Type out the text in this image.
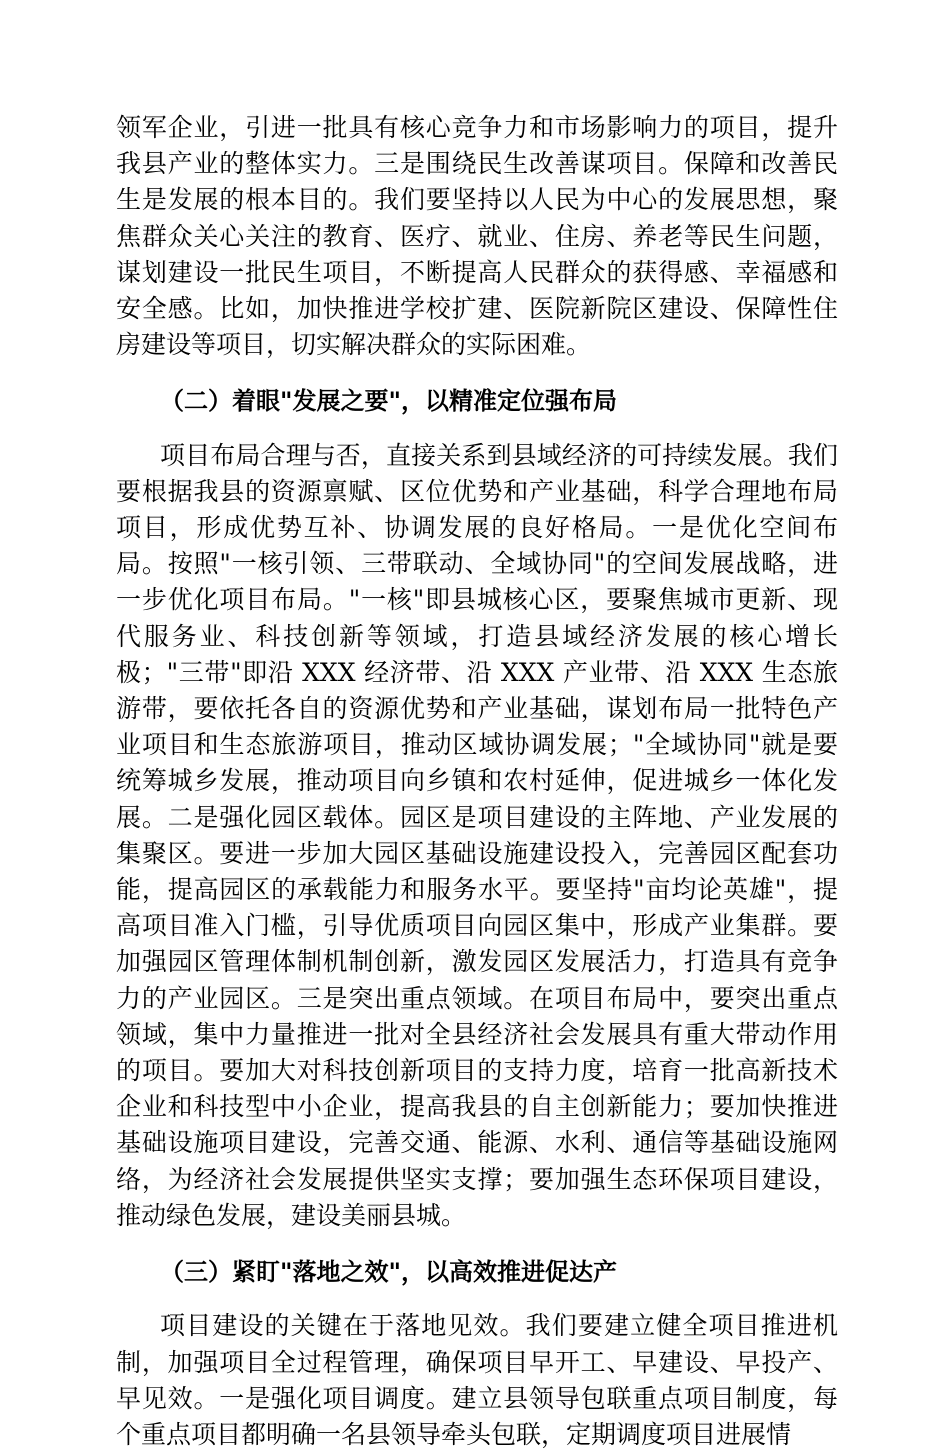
领军企业，引进一批具有核心竞争力和市场影响力的项目，提升我县产业的整体实力。三是围绕民生改善谋项目。保障和改善民生是发展的根本目的。我们要坚持以人民为中心的发展思想，聚焦群众关心关注的教育、医疗、就业、住房、养老等民生问题，谋划建设一批民生项目，不断提高人民群众的获得感、幸福感和安全感。比如，加快推进学校扩建、医院新院区建设、保障性住房建设等项目，切实解决群众的实际困难。

（二）着眼"发展之要"，以精准定位强布局

项目布局合理与否，直接关系到县域经济的可持续发展。我们要根据我县的资源禀赋、区位优势和产业基础，科学合理地布局项目，形成优势互补、协调发展的良好格局。一是优化空间布局。按照"一核引领、三带联动、全域协同"的空间发展战略，进一步优化项目布局。"一核"即县城核心区，要聚焦城市更新、现代服务业、科技创新等领域，打造县域经济发展的核心增长极；"三带"即沿 XXX 经济带、沿 XXX 产业带、沿 XXX 生态旅游带，要依托各自的资源优势和产业基础，谋划布局一批特色产业项目和生态旅游项目，推动区域协调发展；"全域协同"就是要统筹城乡发展，推动项目向乡镇和农村延伸，促进城乡一体化发展。二是强化园区载体。园区是项目建设的主阵地、产业发展的集聚区。要进一步加大园区基础设施建设投入，完善园区配套功能，提高园区的承载能力和服务水平。要坚持"亩均论英雄"，提高项目准入门槛，引导优质项目向园区集中，形成产业集群。要加强园区管理体制机制创新，激发园区发展活力，打造具有竞争力的产业园区。三是突出重点领域。在项目布局中，要突出重点领域，集中力量推进一批对全县经济社会发展具有重大带动作用的项目。要加大对科技创新项目的支持力度，培育一批高新技术企业和科技型中小企业，提高我县的自主创新能力；要加快推进基础设施项目建设，完善交通、能源、水利、通信等基础设施网络，为经济社会发展提供坚实支撑；要加强生态环保项目建设，推动绿色发展，建设美丽县城。

（三）紧盯"落地之效"，以高效推进促达产

项目建设的关键在于落地见效。我们要建立健全项目推进机制，加强项目全过程管理，确保项目早开工、早建设、早投产、早见效。一是强化项目调度。建立县领导包联重点项目制度，每个重点项目都明确一名县领导牵头包联，定期调度项目进展情
